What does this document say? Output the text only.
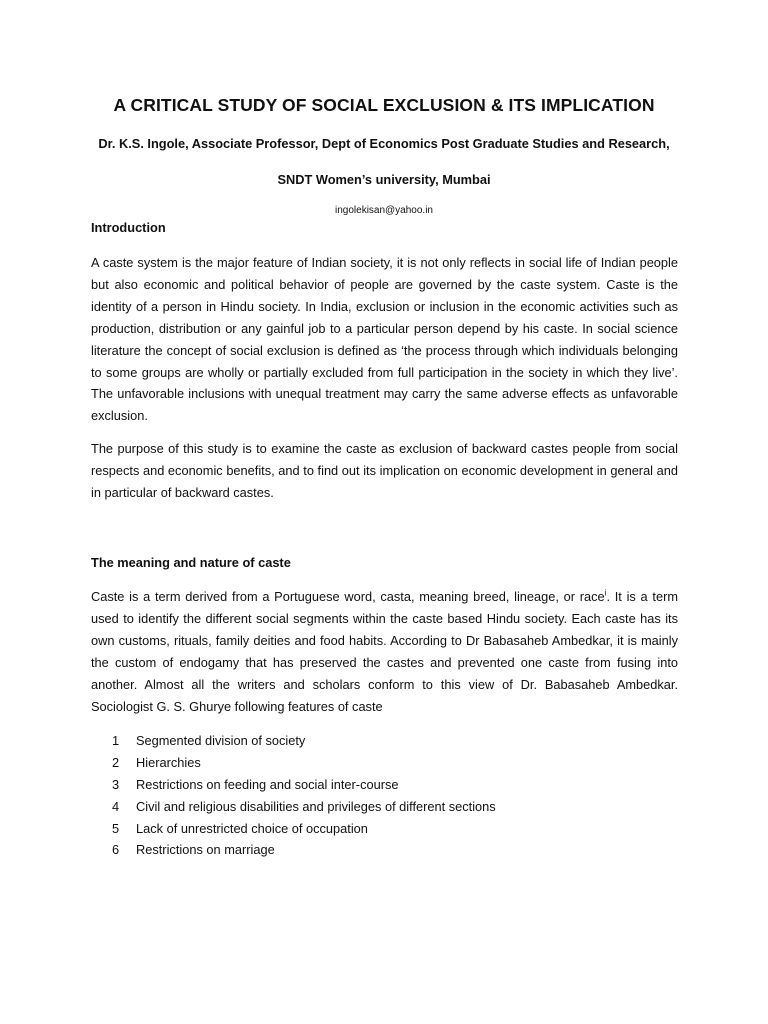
A CRITICAL STUDY OF SOCIAL EXCLUSION & ITS IMPLICATION

Dr. K.S. Ingole, Associate Professor, Dept of Economics Post Graduate Studies and Research,

SNDT Women’s university, Mumbai

ingolekisan@yahoo.in

Introduction

A caste system is the major feature of Indian society, it is not only reflects in social life of Indian people but also economic and political behavior of people are governed by the caste system. Caste is the identity of a person in Hindu society. In India, exclusion or inclusion in the economic activities such as production, distribution or any gainful job to a particular person depend by his caste. In social science literature the concept of social exclusion is defined as ‘the process through which individuals belonging to some groups are wholly or partially excluded from full participation in the society in which they live’. The unfavorable inclusions with unequal treatment may carry the same adverse effects as unfavorable exclusion.

The purpose of this study is to examine the caste as exclusion of backward castes people from social respects and economic benefits, and to find out its implication on economic development in general and in particular of backward castes.

The meaning and nature of caste

Caste is a term derived from a Portuguese word, casta, meaning breed, lineage, or race$^i$. It is a term used to identify the different social segments within the caste based Hindu society. Each caste has its own customs, rituals, family deities and food habits. According to Dr Babasaheb Ambedkar, it is mainly the custom of endogamy that has preserved the castes and prevented one caste from fusing into another. Almost all the writers and scholars conform to this view of Dr. Babasaheb Ambedkar. Sociologist G. S. Ghurye following features of caste

1 Segmented division of society
2 Hierarchies
3 Restrictions on feeding and social inter-course
4 Civil and religious disabilities and privileges of different sections
5 Lack of unrestricted choice of occupation
6 Restrictions on marriage
